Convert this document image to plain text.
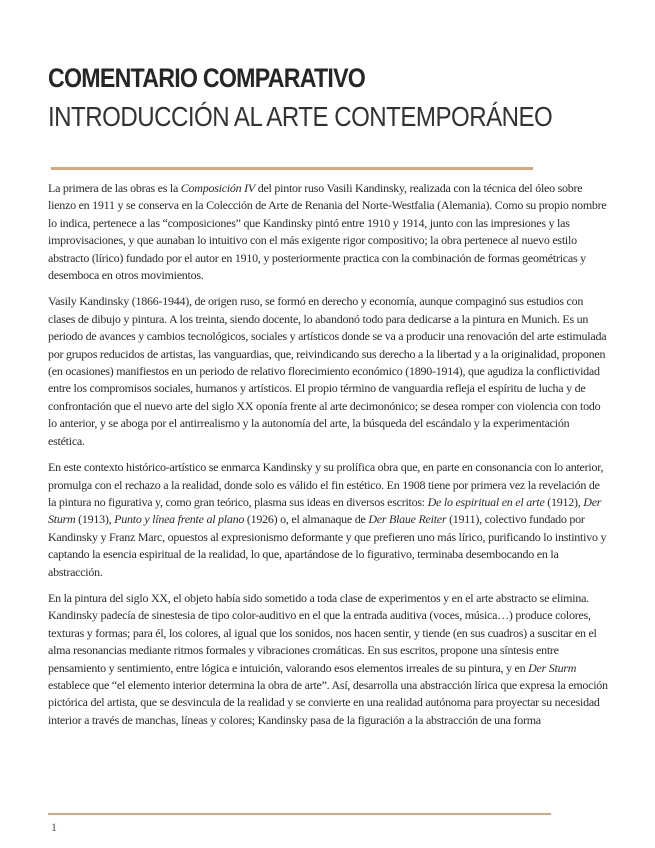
COMENTARIO COMPARATIVO
INTRODUCCIÓN AL ARTE CONTEMPORÁNEO

La primera de las obras es la Composición IV del pintor ruso Vasili Kandinsky, realizada con la técnica del óleo sobre lienzo en 1911 y se conserva en la Colección de Arte de Renania del Norte-Westfalia (Alemania). Como su propio nombre lo indica, pertenece a las “composiciones” que Kandinsky pintó entre 1910 y 1914, junto con las impresiones y las improvisaciones, y que aunaban lo intuitivo con el más exigente rigor compositivo; la obra pertenece al nuevo estilo abstracto (lírico) fundado por el autor en 1910, y posteriormente practica con la combinación de formas geométricas y desemboca en otros movimientos.

Vasily Kandinsky (1866-1944), de origen ruso, se formó en derecho y economía, aunque compaginó sus estudios con clases de dibujo y pintura. A los treinta, siendo docente, lo abandonó todo para dedicarse a la pintura en Munich. Es un periodo de avances y cambios tecnológicos, sociales y artísticos donde se va a producir una renovación del arte estimulada por grupos reducidos de artistas, las vanguardias, que, reivindicando sus derecho a la libertad y a la originalidad, proponen (en ocasiones) manifiestos en un periodo de relativo florecimiento económico (1890-1914), que agudiza la conflictividad entre los compromisos sociales, humanos y artísticos. El propio término de vanguardia refleja el espíritu de lucha y de confrontación que el nuevo arte del siglo XX oponía frente al arte decimonónico; se desea romper con violencia con todo lo anterior, y se aboga por el antirrealismo y la autonomía del arte, la búsqueda del escándalo y la experimentación estética.

En este contexto histórico-artístico se enmarca Kandinsky y su prolífica obra que, en parte en consonancia con lo anterior, promulga con el rechazo a la realidad, donde solo es válido el fin estético. En 1908 tiene por primera vez la revelación de la pintura no figurativa y, como gran teórico, plasma sus ideas en diversos escritos: De lo espiritual en el arte (1912), Der Sturm (1913), Punto y línea frente al plano (1926) o, el almanaque de Der Blaue Reiter (1911), colectivo fundado por Kandinsky y Franz Marc, opuestos al expresionismo deformante y que prefieren uno más lírico, purificando lo instintivo y captando la esencia espiritual de la realidad, lo que, apartándose de lo figurativo, terminaba desembocando en la abstracción.

En la pintura del siglo XX, el objeto había sido sometido a toda clase de experimentos y en el arte abstracto se elimina. Kandinsky padecía de sinestesia de tipo color-auditivo en el que la entrada auditiva (voces, música…) produce colores, texturas y formas; para él, los colores, al igual que los sonidos, nos hacen sentir, y tiende (en sus cuadros) a suscitar en el alma resonancias mediante ritmos formales y vibraciones cromáticas. En sus escritos, propone una síntesis entre pensamiento y sentimiento, entre lógica e intuición, valorando esos elementos irreales de su pintura, y en Der Sturm establece que “el elemento interior determina la obra de arte”. Así, desarrolla una abstracción lírica que expresa la emoción pictórica del artista, que se desvincula de la realidad y se convierte en una realidad autónoma para proyectar su necesidad interior a través de manchas, líneas y colores; Kandinsky pasa de la figuración a la abstracción de una forma

1
